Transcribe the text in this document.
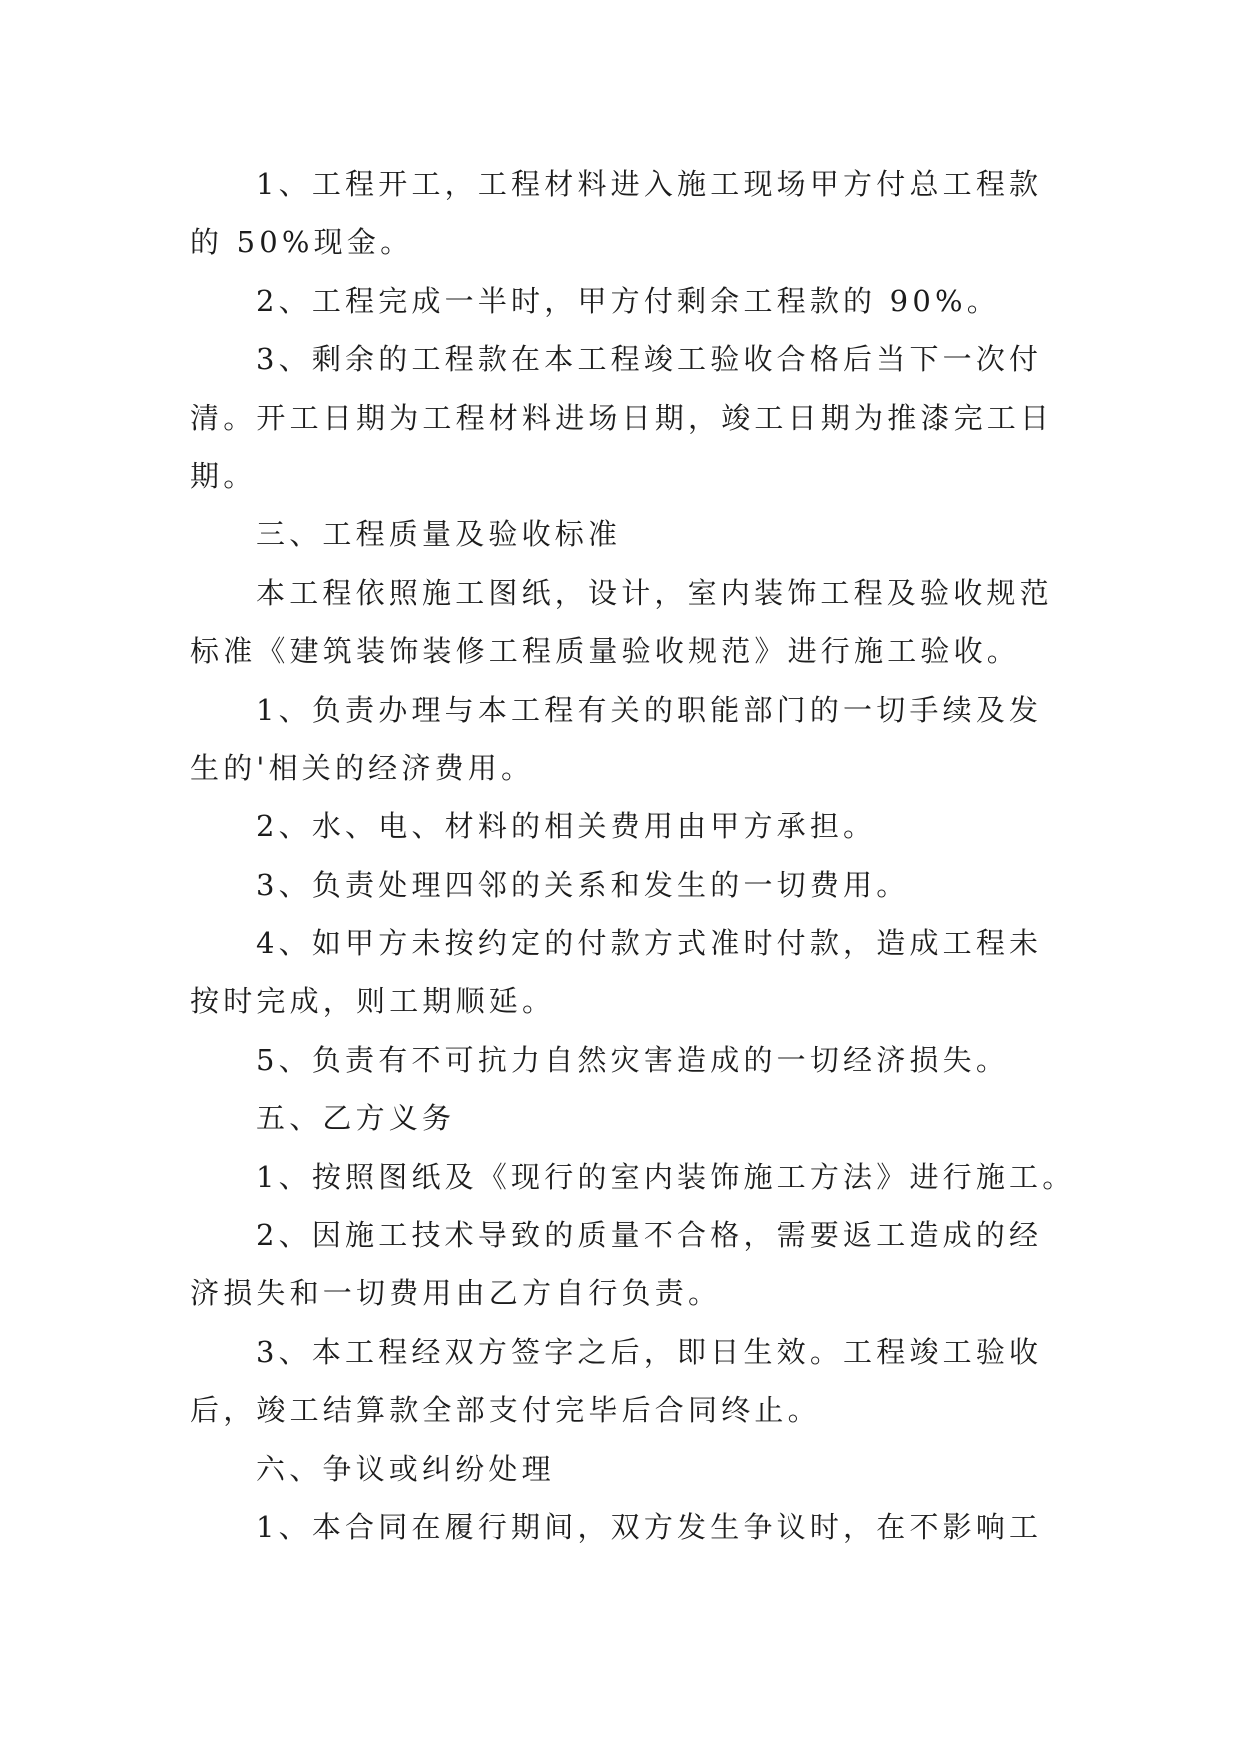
1、工程开工，工程材料进入施工现场甲方付总工程款
的 50%现金。
2、工程完成一半时，甲方付剩余工程款的 90%。
3、剩余的工程款在本工程竣工验收合格后当下一次付
清。开工日期为工程材料进场日期，竣工日期为推漆完工日
期。
三、工程质量及验收标准
本工程依照施工图纸，设计，室内装饰工程及验收规范
标准《建筑装饰装修工程质量验收规范》进行施工验收。
1、负责办理与本工程有关的职能部门的一切手续及发
生的'相关的经济费用。
2、水、电、材料的相关费用由甲方承担。
3、负责处理四邻的关系和发生的一切费用。
4、如甲方未按约定的付款方式准时付款，造成工程未
按时完成，则工期顺延。
5、负责有不可抗力自然灾害造成的一切经济损失。
五、乙方义务
1、按照图纸及《现行的室内装饰施工方法》进行施工。
2、因施工技术导致的质量不合格，需要返工造成的经
济损失和一切费用由乙方自行负责。
3、本工程经双方签字之后，即日生效。工程竣工验收
后，竣工结算款全部支付完毕后合同终止。
六、争议或纠纷处理
1、本合同在履行期间，双方发生争议时，在不影响工
